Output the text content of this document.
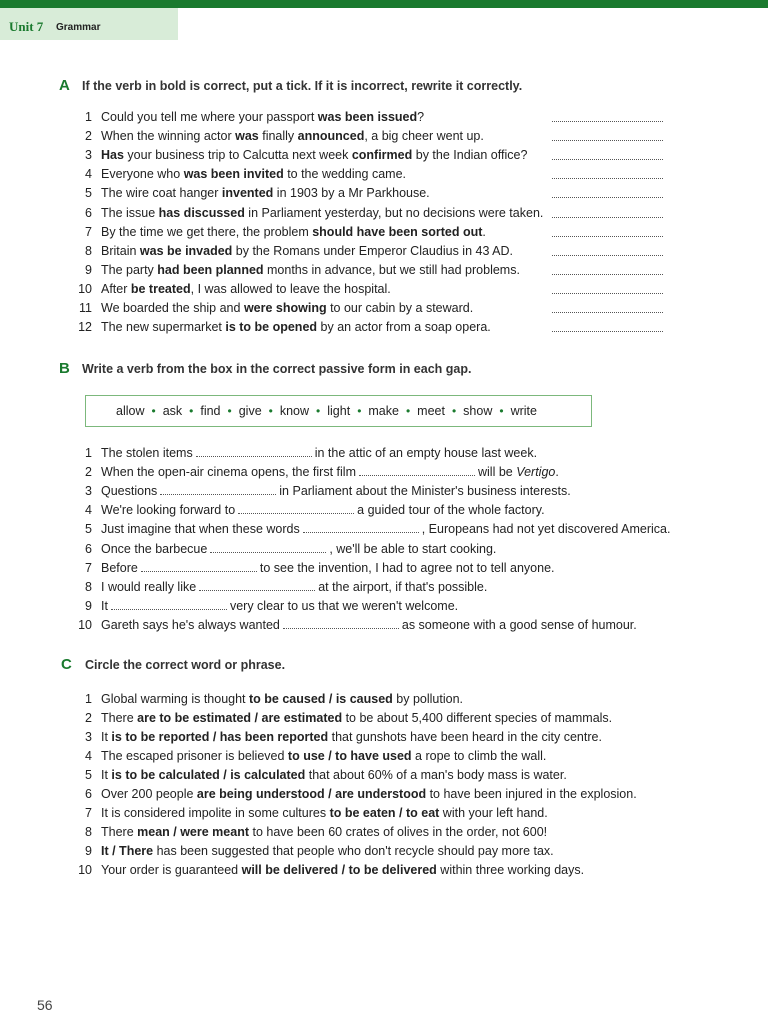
Unit 7 Grammar
A If the verb in bold is correct, put a tick. If it is incorrect, rewrite it correctly.
1 Could you tell me where your passport was been issued?
2 When the winning actor was finally announced, a big cheer went up.
3 Has your business trip to Calcutta next week confirmed by the Indian office?
4 Everyone who was been invited to the wedding came.
5 The wire coat hanger invented in 1903 by a Mr Parkhouse.
6 The issue has discussed in Parliament yesterday, but no decisions were taken.
7 By the time we get there, the problem should have been sorted out.
8 Britain was be invaded by the Romans under Emperor Claudius in 43 AD.
9 The party had been planned months in advance, but we still had problems.
10 After be treated, I was allowed to leave the hospital.
11 We boarded the ship and were showing to our cabin by a steward.
12 The new supermarket is to be opened by an actor from a soap opera.
B Write a verb from the box in the correct passive form in each gap.
allow • ask • find • give • know • light • make • meet • show • write
1 The stolen items	in the attic of an empty house last week.
2 When the open-air cinema opens, the first film	will be Vertigo.
3 Questions	in Parliament about the Minister's business interests.
4 We're looking forward to	a guided tour of the whole factory.
5 Just imagine that when these words	, Europeans had not yet discovered America.
6 Once the barbecue	, we'll be able to start cooking.
7 Before	to see the invention, I had to agree not to tell anyone.
8 I would really like	at the airport, if that's possible.
9 It	very clear to us that we weren't welcome.
10 Gareth says he's always wanted	as someone with a good sense of humour.
C Circle the correct word or phrase.
1 Global warming is thought to be caused / is caused by pollution.
2 There are to be estimated / are estimated to be about 5,400 different species of mammals.
3 It is to be reported / has been reported that gunshots have been heard in the city centre.
4 The escaped prisoner is believed to use / to have used a rope to climb the wall.
5 It is to be calculated / is calculated that about 60% of a man's body mass is water.
6 Over 200 people are being understood / are understood to have been injured in the explosion.
7 It is considered impolite in some cultures to be eaten / to eat with your left hand.
8 There mean / were meant to have been 60 crates of olives in the order, not 600!
9 It / There has been suggested that people who don't recycle should pay more tax.
10 Your order is guaranteed will be delivered / to be delivered within three working days.
56
